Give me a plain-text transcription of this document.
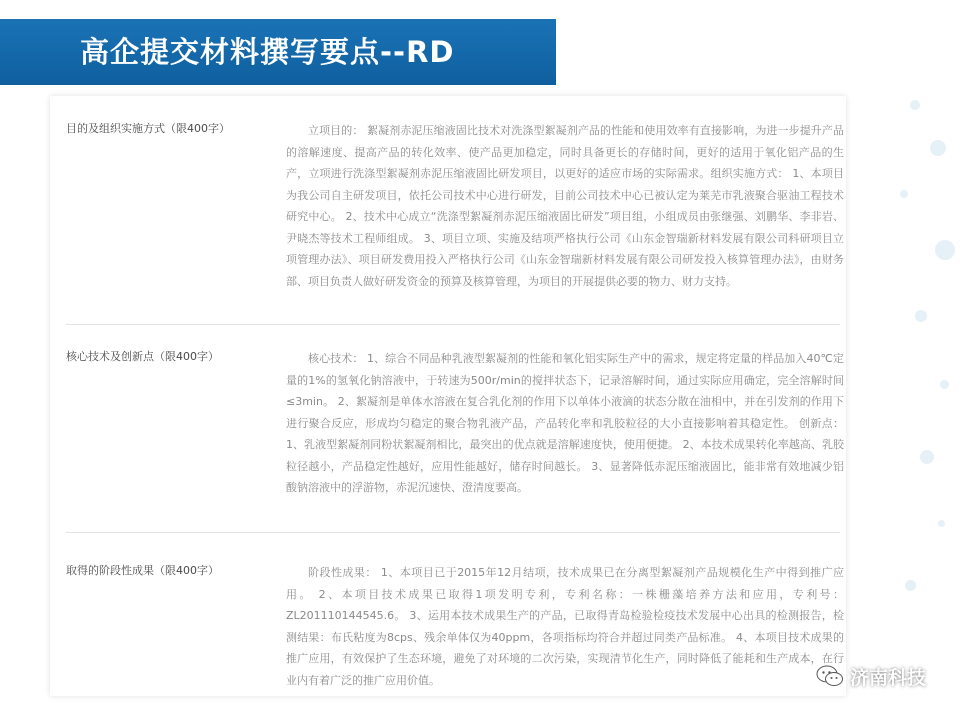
高企提交材料撰写要点--RD
目的及组织实施方式（限400字）	立项目的： 絮凝剂赤泥压缩液固比技术对洗涤型絮凝剂产品的性能和使用效率有直接影响，为进一步提升产品的溶解速度、提高产品的转化效率、使产品更加稳定，同时具备更长的存储时间，更好的适用于氧化铝产品的生产，立项进行洗涤型絮凝剂赤泥压缩液固比研发项目，以更好的适应市场的实际需求。组织实施方式： 1、本项目为我公司自主研发项目，依托公司技术中心进行研发，目前公司技术中心已被认定为莱芜市乳液聚合驱油工程技术研究中心。 2、技术中心成立“洗涤型絮凝剂赤泥压缩液固比研发”项目组，小组成员由张继强、刘鹏华、李非岩、尹晓杰等技术工程师组成。 3、项目立项、实施及结项严格执行公司《山东金智瑞新材料发展有限公司科研项目立项管理办法》、项目研发费用投入严格执行公司《山东金智瑞新材料发展有限公司研发投入核算管理办法》，由财务部、项目负责人做好研发资金的预算及核算管理，为项目的开展提供必要的物力、财力支持。
核心技术及创新点（限400字）	核心技术： 1、综合不同品种乳液型絮凝剂的性能和氧化铝实际生产中的需求，规定将定量的样品加入40℃定量的1%的氢氧化钠溶液中，于转速为500r/min的搅拌状态下，记录溶解时间，通过实际应用确定，完全溶解时间≤3min。 2、絮凝剂是单体水溶液在复合乳化剂的作用下以单体小液滴的状态分散在油相中，并在引发剂的作用下进行聚合反应，形成均匀稳定的聚合物乳液产品，产品转化率和乳胶粒径的大小直接影响着其稳定性。 创新点： 1、乳液型絮凝剂同粉状絮凝剂相比，最突出的优点就是溶解速度快，使用便捷。 2、本技术成果转化率越高、乳胶粒径越小，产品稳定性越好，应用性能越好，储存时间越长。 3、显著降低赤泥压缩液固比，能非常有效地减少铝酸钠溶液中的浮游物，赤泥沉速快、澄清度要高。
取得的阶段性成果（限400字）	阶段性成果： 1、本项目已于2015年12月结项，技术成果已在分离型絮凝剂产品规模化生产中得到推广应用。 2、本项目技术成果已取得1项发明专利，专利名称：一株栅藻培养方法和应用，专利号：ZL201110144545.6。 3、运用本技术成果生产的产品，已取得青岛检验检疫技术发展中心出具的检测报告，检测结果：布氏粘度为8cps、残余单体仅为40ppm，各项指标均符合并超过同类产品标准。 4、本项目技术成果的推广应用，有效保护了生态环境，避免了对环境的二次污染，实现清节化生产，同时降低了能耗和生产成本，在行业内有着广泛的推广应用价值。	济南科技
